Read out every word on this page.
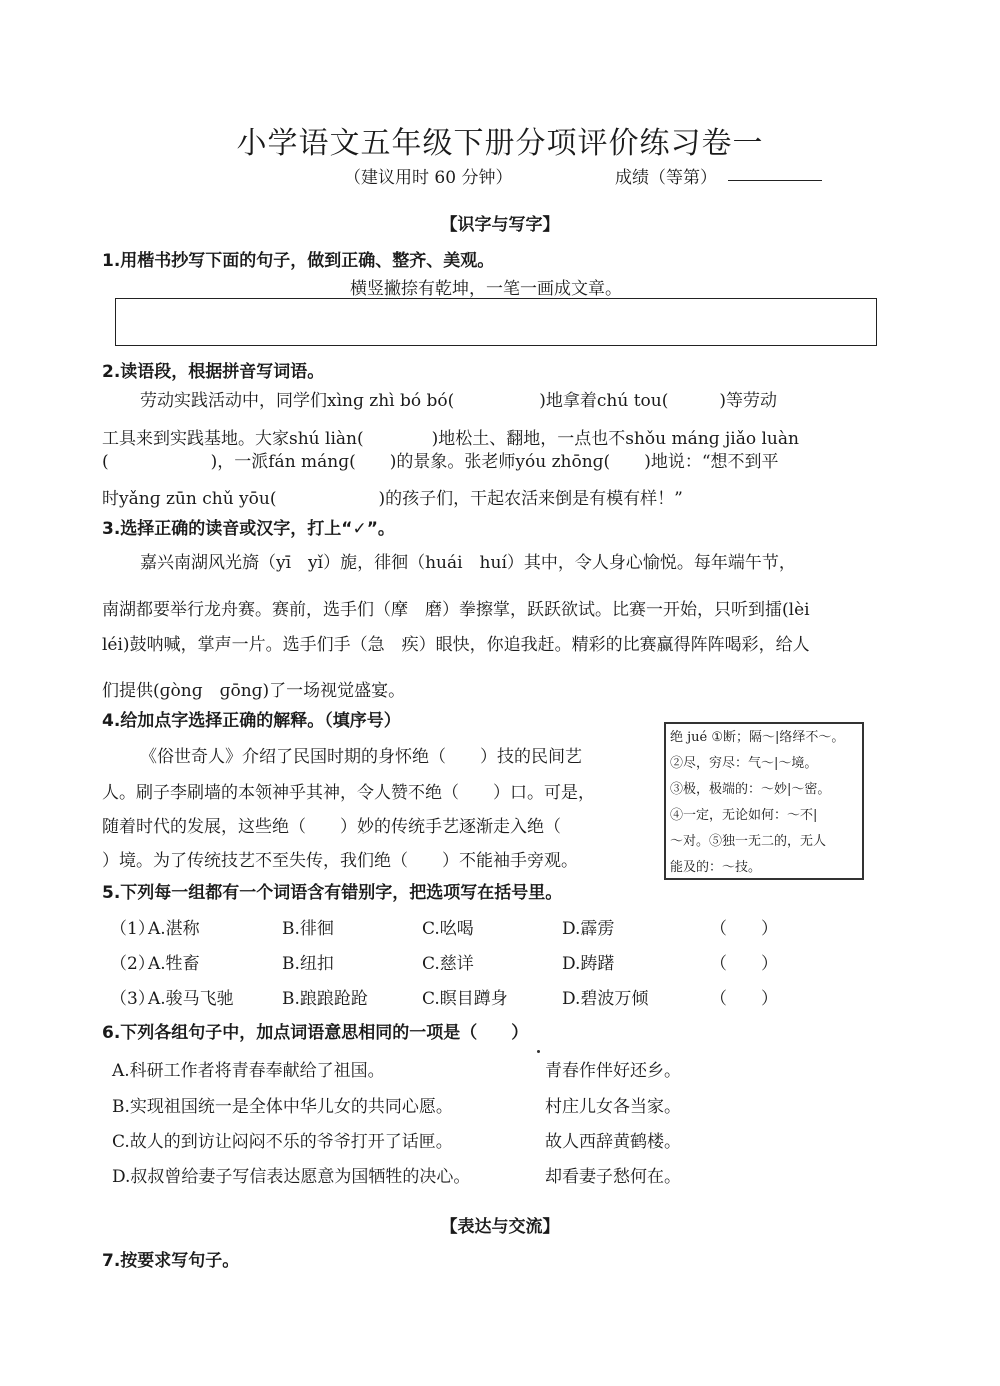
小学语文五年级下册分项评价练习卷一
（建议用时 60 分钟）	成绩（等第）
【识字与写字】
1.用楷书抄写下面的句子，做到正确、整齐、美观。
横竖撇捺有乾坤，一笔一画成文章。
2.读语段，根据拼音写词语。
劳动实践活动中，同学们xìnɡ zhì bó bó(　　　　　)地拿着chú tou(　　　)等劳动
工具来到实践基地。大家shú liàn(　　　　)地松土、翻地，一点也不shǒu mánɡ jiǎo luàn
(　　　　　　)，一派fán mánɡ(　　)的景象。张老师yóu zhōnɡ(　　)地说：“想不到平
时yǎnɡ zūn chǔ yōu(　　　　　　)的孩子们，干起农活来倒是有模有样！”
3.选择正确的读音或汉字，打上“✓”。
嘉兴南湖风光旖（yī　yǐ）旎，徘徊（huái　huí）其中，令人身心愉悦。每年端午节，
南湖都要举行龙舟赛。赛前，选手们（摩　磨）拳擦掌，跃跃欲试。比赛一开始，只听到擂(lèi
léi)鼓呐喊，掌声一片。选手们手（急　疾）眼快，你追我赶。精彩的比赛赢得阵阵喝彩，给人
们提供(ɡònɡ　ɡōnɡ)了一场视觉盛宴。
4.给加点字选择正确的解释。（填序号）
《俗世奇人》介绍了民国时期的身怀绝（　　）技的民间艺
人。刷子李刷墙的本领神乎其神，令人赞不绝（　　）口。可是，
随着时代的发展，这些绝（　　）妙的传统手艺逐渐走入绝（
）境。为了传统技艺不至失传，我们绝（　　）不能袖手旁观。
绝 jué ①断；隔～|络绎不～。
②尽，穷尽：气～|～境。
③极，极端的：～妙|～密。
④一定，无论如何：～不|
～对。⑤独一无二的，无人
能及的：～技。
5.下列每一组都有一个词语含有错别字，把选项写在括号里。
（1）
A.湛称	B.徘徊	C.吆喝	D.霹雳	（　　）
（2）
A.牲畜	B.纽扣	C.慈详	D.踌躇	（　　）
（3）
A.骏马飞驰	B.踉踉跄跄	C.瞑目蹲身	D.碧波万倾	（　　）
6.下列各组句子中，加点词语意思相同的一项是（　　）
A.科研工作者将青春奉献给了祖国。	青春作伴好还乡。
B.实现祖国统一是全体中华儿女的共同心愿。	村庄儿女各当家。
C.故人的到访让闷闷不乐的爷爷打开了话匣。	故人西辞黄鹤楼。
D.叔叔曾给妻子写信表达愿意为国牺牲的决心。	却看妻子愁何在。
【表达与交流】
7.按要求写句子。
